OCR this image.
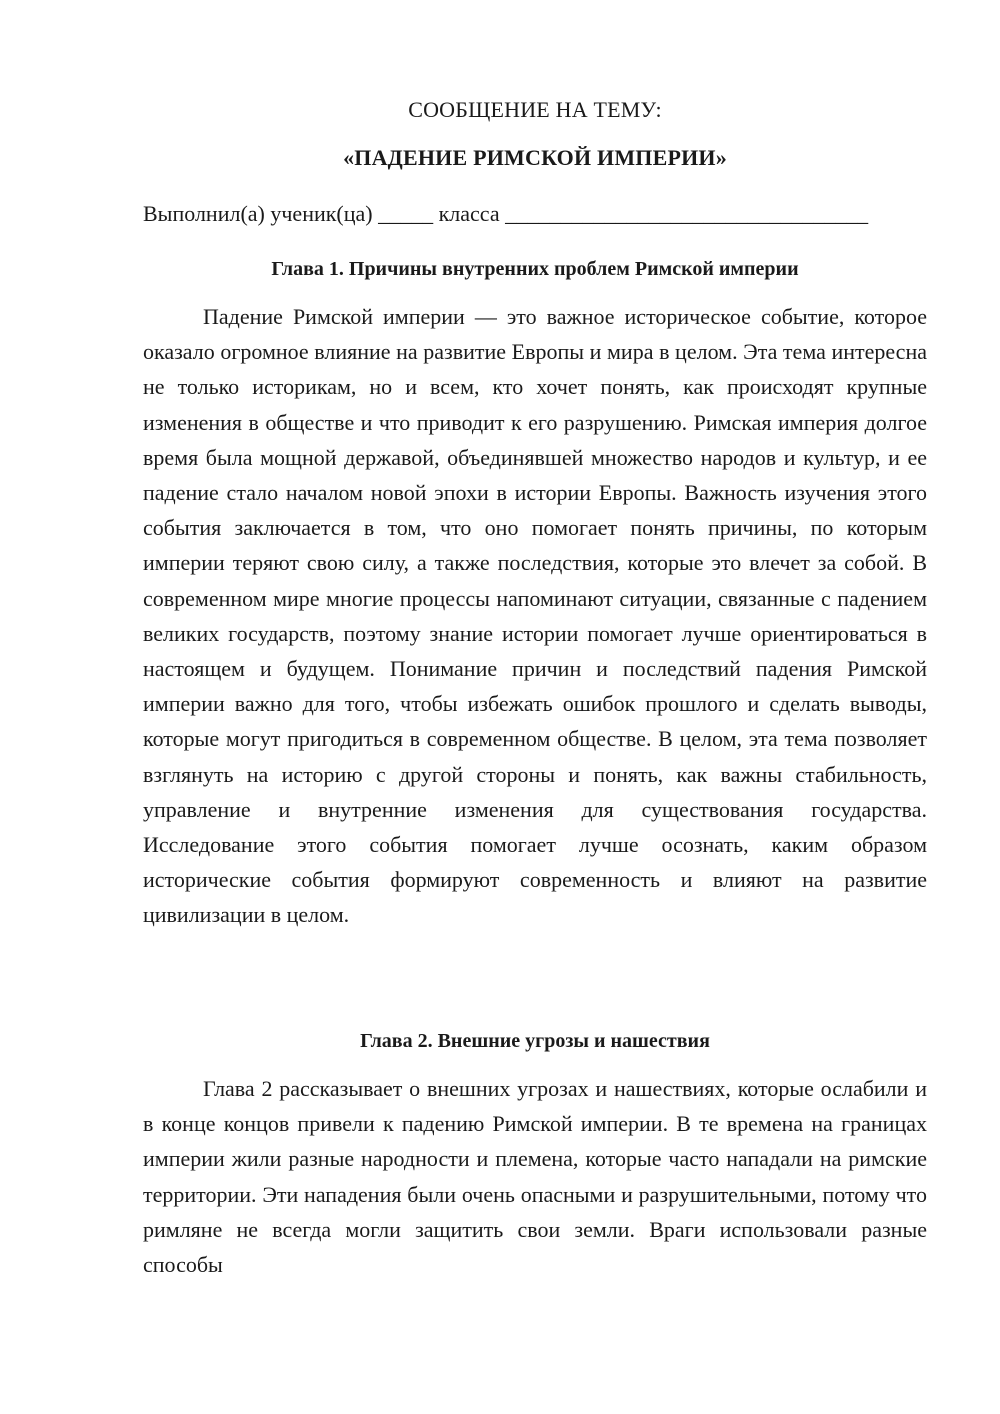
СООБЩЕНИЕ НА ТЕМУ:
«ПАДЕНИЕ РИМСКОЙ ИМПЕРИИ»
Выполнил(а) ученик(ца) _____ класса _________________________________
Глава 1. Причины внутренних проблем Римской империи

Падение Римской империи — это важное историческое событие, которое оказало огромное влияние на развитие Европы и мира в целом. Эта тема интересна не только историкам, но и всем, кто хочет понять, как происходят крупные изменения в обществе и что приводит к его разрушению. Римская империя долгое время была мощной державой, объединявшей множество народов и культур, и ее падение стало началом новой эпохи в истории Европы. Важность изучения этого события заключается в том, что оно помогает понять причины, по которым империи теряют свою силу, а также последствия, которые это влечет за собой. В современном мире многие процессы напоминают ситуации, связанные с падением великих государств, поэтому знание истории помогает лучше ориентироваться в настоящем и будущем. Понимание причин и последствий падения Римской империи важно для того, чтобы избежать ошибок прошлого и сделать выводы, которые могут пригодиться в современном обществе. В целом, эта тема позволяет взглянуть на историю с другой стороны и понять, как важны стабильность, управление и внутренние изменения для существования государства. Исследование этого события помогает лучше осознать, каким образом исторические события формируют современность и влияют на развитие цивилизации в целом.

Глава 2. Внешние угрозы и нашествия

Глава 2 рассказывает о внешних угрозах и нашествиях, которые ослабили и в конце концов привели к падению Римской империи. В те времена на границах империи жили разные народности и племена, которые часто нападали на римские территории. Эти нападения были очень опасными и разрушительными, потому что римляне не всегда могли защитить свои земли. Враги использовали разные способы
